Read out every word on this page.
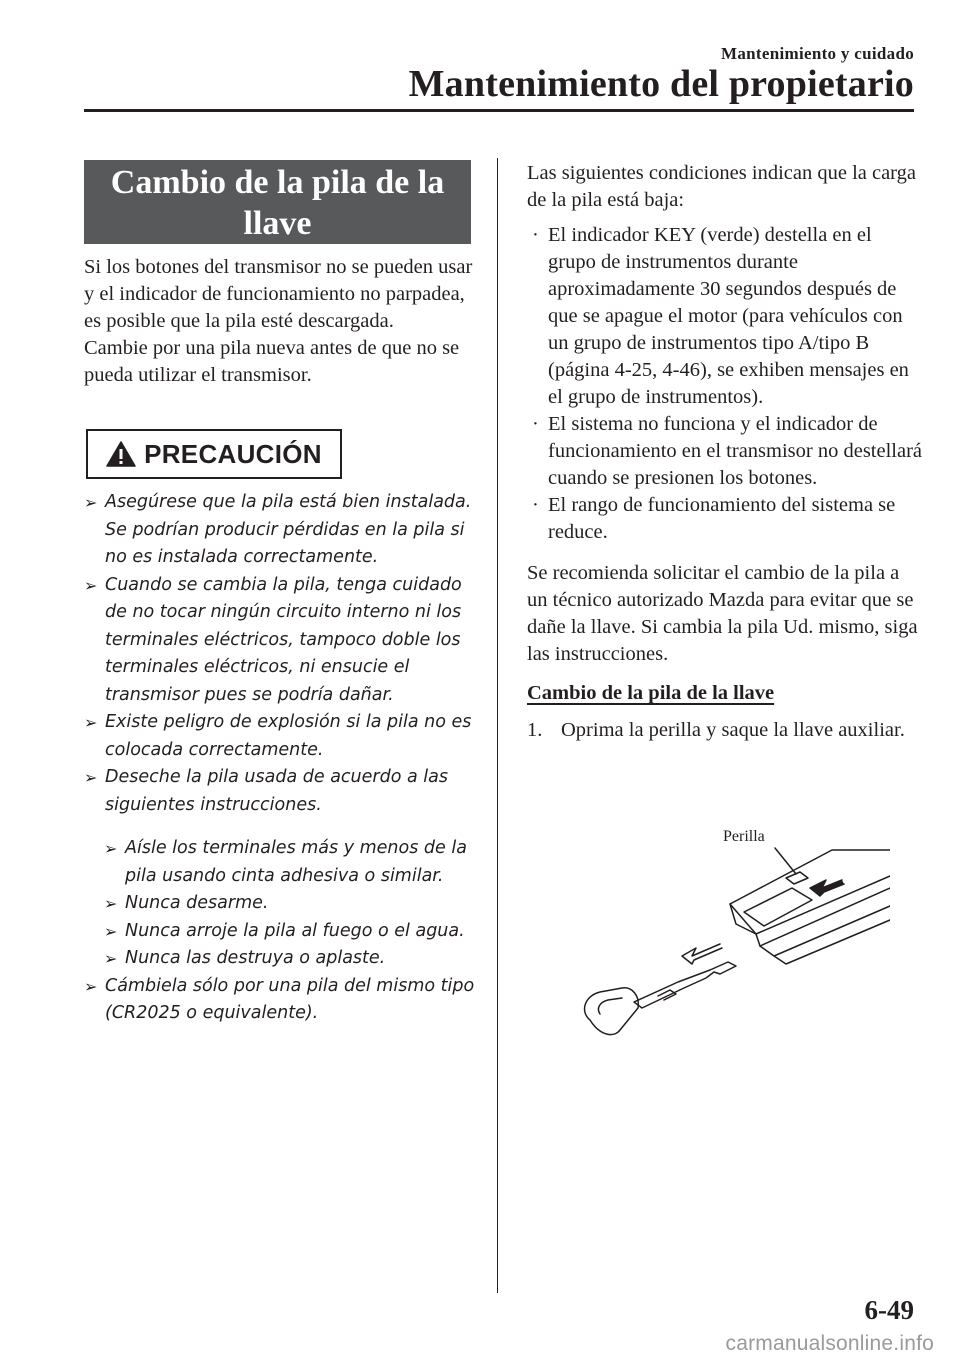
Mantenimiento y cuidado
Mantenimiento del propietario
Cambio de la pila de la
llave

Si los botones del transmisor no se pueden usar y el indicador de funcionamiento no parpadea, es posible que la pila esté descargada.

Cambie por una pila nueva antes de que no se pueda utilizar el transmisor.

PRECAUCIÓN

➢ Asegúrese que la pila está bien instalada. Se podrían producir pérdidas en la pila si no es instalada correctamente.

➢ Cuando se cambia la pila, tenga cuidado de no tocar ningún circuito interno ni los terminales eléctricos, tampoco doble los terminales eléctricos, ni ensucie el transmisor pues se podría dañar.

➢ Existe peligro de explosión si la pila no es colocada correctamente.

➢ Deseche la pila usada de acuerdo a las siguientes instrucciones.

➢ Aísle los terminales más y menos de la pila usando cinta adhesiva o similar.

➢ Nunca desarme.

➢ Nunca arroje la pila al fuego o el agua.

➢ Nunca las destruya o aplaste.

➢ Cámbiela sólo por una pila del mismo tipo (CR2025 o equivalente).

Las siguientes condiciones indican que la carga de la pila está baja:

· El indicador KEY (verde) destella en el grupo de instrumentos durante aproximadamente 30 segundos después de que se apague el motor (para vehículos con un grupo de instrumentos tipo A/tipo B (página 4-25, 4-46), se exhiben mensajes en el grupo de instrumentos).

· El sistema no funciona y el indicador de funcionamiento en el transmisor no destellará cuando se presionen los botones.

· El rango de funcionamiento del sistema se reduce.

Se recomienda solicitar el cambio de la pila a un técnico autorizado Mazda para evitar que se dañe la llave. Si cambia la pila Ud. mismo, siga las instrucciones.

Cambio de la pila de la llave

1. Oprima la perilla y saque la llave auxiliar.

Perilla
6-49
carmanualsonline.info
